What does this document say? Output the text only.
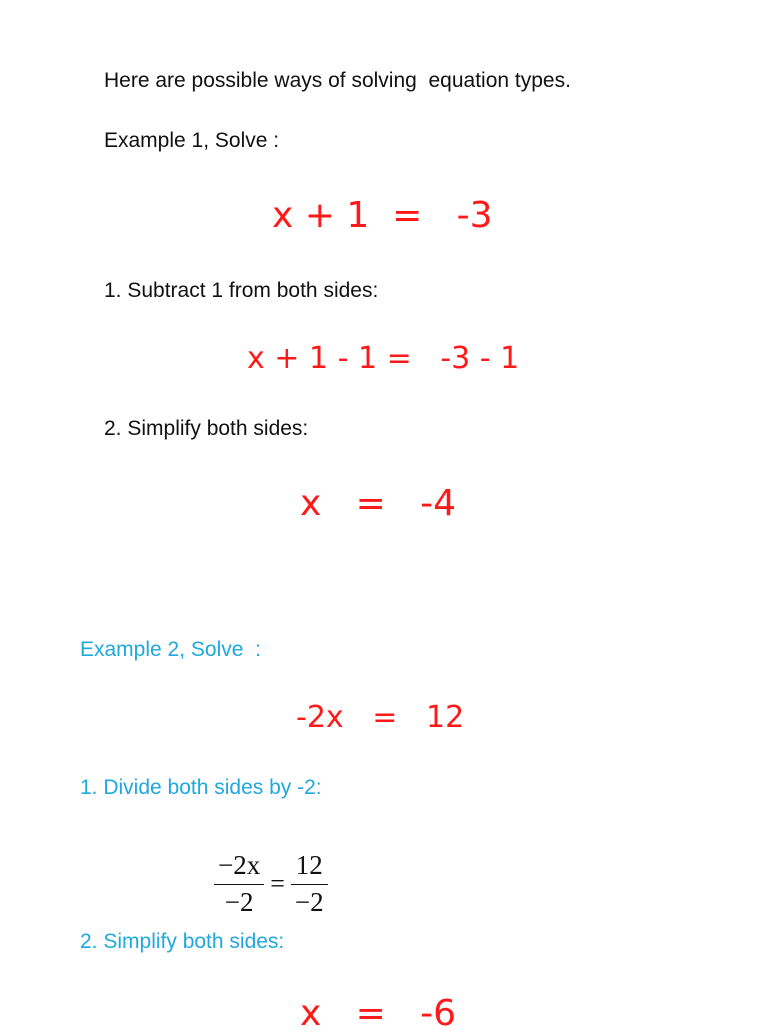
Here are possible ways of solving  equation types.
Example 1, Solve :
x + 1  =   -3
1. Subtract 1 from both sides:
x + 1 - 1 =   -3 - 1
2. Simplify both sides:
x   =   -4
Example 2, Solve  :
-2x   =   12
1. Divide both sides by -2:
$\frac{-2x}{-2} = \frac{12}{-2}$
2. Simplify both sides:
x   =   -6
